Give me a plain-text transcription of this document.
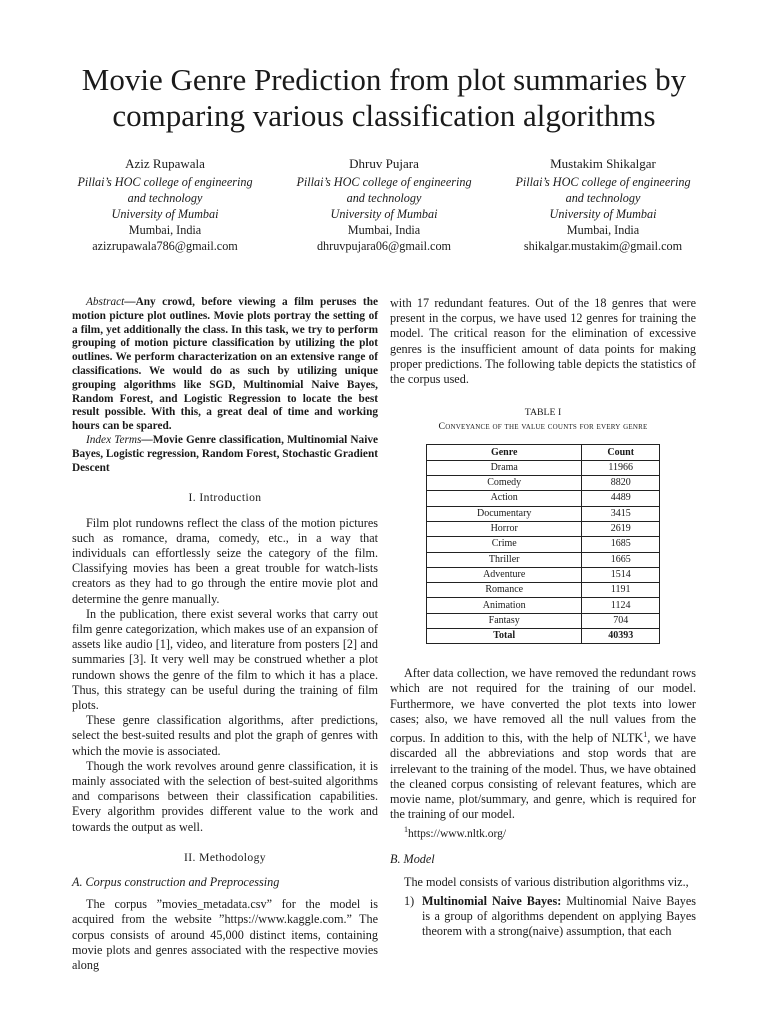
Movie Genre Prediction from plot summaries by comparing various classification algorithms
Aziz Rupawala
Pillai’s HOC college of engineering
and technology
University of Mumbai
Mumbai, India
azizrupawala786@gmail.com
Dhruv Pujara
Pillai’s HOC college of engineering
and technology
University of Mumbai
Mumbai, India
dhruvpujara06@gmail.com
Mustakim Shikalgar
Pillai’s HOC college of engineering
and technology
University of Mumbai
Mumbai, India
shikalgar.mustakim@gmail.com

Abstract—Any crowd, before viewing a film peruses the motion picture plot outlines. Movie plots portray the setting of a film, yet additionally the class. In this task, we try to perform grouping of motion picture classification by utilizing the plot outlines. We perform characterization on an extensive range of classifications. We would do as such by utilizing unique grouping algorithms like SGD, Multinomial Naive Bayes, Random Forest, and Logistic Regression to locate the best result possible. With this, a great deal of time and working hours can be spared.

Index Terms—Movie Genre classification, Multinomial Naive Bayes, Logistic regression, Random Forest, Stochastic Gradient Descent

I. Introduction

Film plot rundowns reflect the class of the motion pictures such as romance, drama, comedy, etc., in a way that individuals can effortlessly seize the category of the film. Classifying movies has been a great trouble for watch-lists creators as they had to go through the entire movie plot and determine the genre manually.

In the publication, there exist several works that carry out film genre categorization, which makes use of an expansion of assets like audio [1], video, and literature from posters [2] and summaries [3]. It very well may be construed whether a plot rundown shows the genre of the film to which it has a place. Thus, this strategy can be useful during the training of film plots.

These genre classification algorithms, after predictions, select the best-suited results and plot the graph of genres with which the movie is associated.

Though the work revolves around genre classification, it is mainly associated with the selection of best-suited algorithms and comparisons between their classification capabilities. Every algorithm provides different value to the work and towards the output as well.

II. Methodology
A. Corpus construction and Preprocessing

The corpus ”movies_metadata.csv” for the model is acquired from the website ”https://www.kaggle.com.” The corpus consists of around 45,000 distinct items, containing movie plots and genres associated with the respective movies along

with 17 redundant features. Out of the 18 genres that were present in the corpus, we have used 12 genres for training the model. The critical reason for the elimination of excessive genres is the insufficient amount of data points for making proper predictions. The following table depicts the statistics of the corpus used.

TABLE I
Conveyance of the value counts for every genre
Genre	Count
Drama	11966
Comedy	8820
Action	4489
Documentary	3415
Horror	2619
Crime	1685
Thriller	1665
Adventure	1514
Romance	1191
Animation	1124
Fantasy	704
Total	40393

After data collection, we have removed the redundant rows which are not required for the training of our model. Furthermore, we have converted the plot texts into lower cases; also, we have removed all the null values from the corpus. In addition to this, with the help of NLTK$^1$, we have discarded all the abbreviations and stop words that are irrelevant to the training of the model. Thus, we have obtained the cleaned corpus consisting of relevant features, which are movie name, plot/summary, and genre, which is required for the training of our model.

$^1$https://www.nltk.org/

B. Model

The model consists of various distribution algorithms viz.,

1) Multinomial Naive Bayes: Multinomial Naive Bayes is a group of algorithms dependent on applying Bayes theorem with a strong(naive) assumption, that each
